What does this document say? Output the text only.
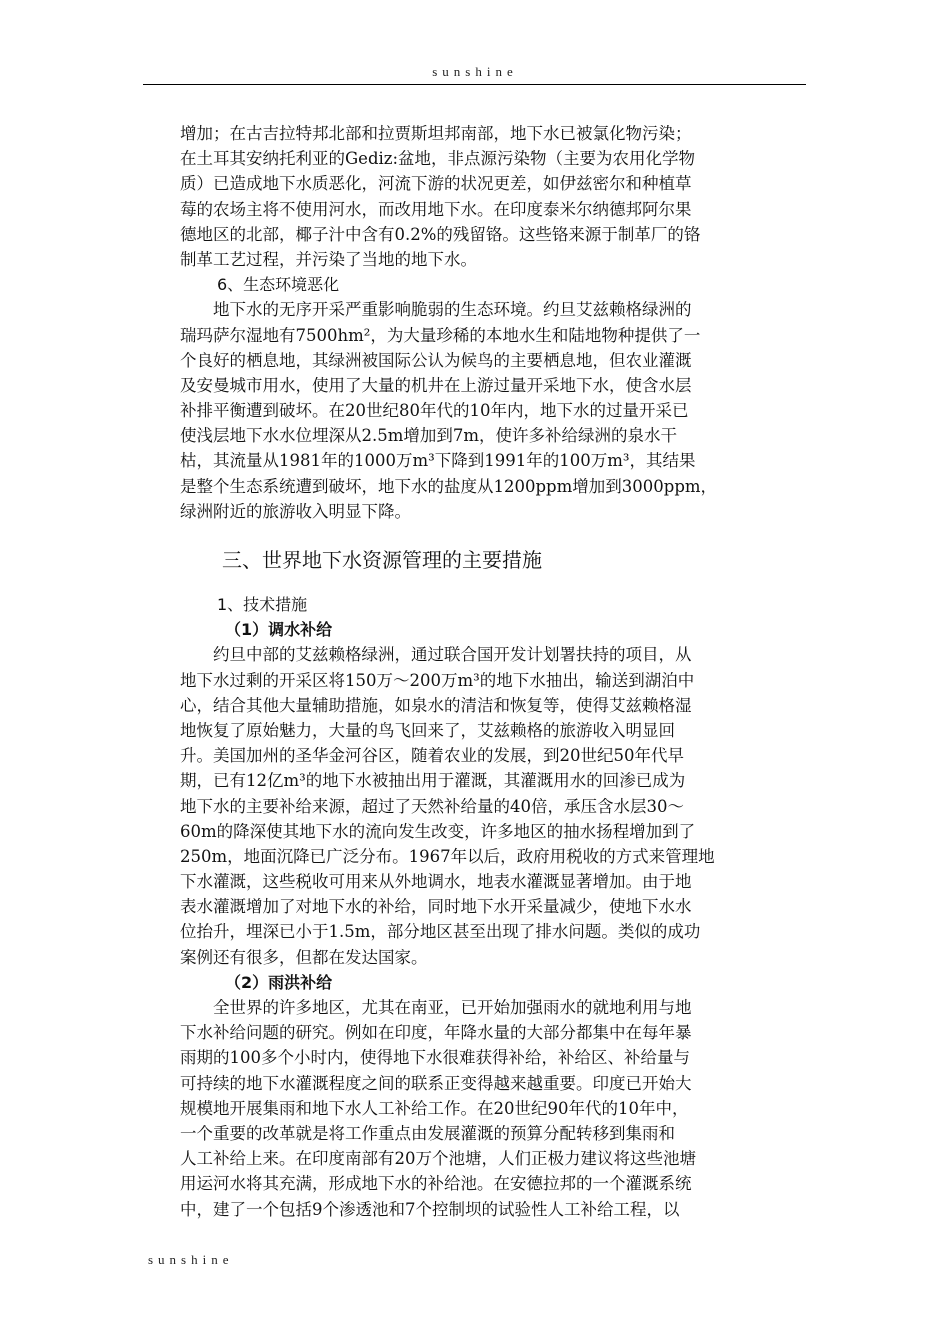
sunshine
增加；在古吉拉特邦北部和拉贾斯坦邦南部，地下水已被氯化物污染；
在土耳其安纳托利亚的Gediz:盆地，非点源污染物（主要为农用化学物
质）已造成地下水质恶化，河流下游的状况更差，如伊兹密尔和种植草
莓的农场主将不使用河水，而改用地下水。在印度泰米尔纳德邦阿尔果
德地区的北部，椰子汁中含有0.2%的残留铬。这些铬来源于制革厂的铬
制革工艺过程，并污染了当地的地下水。
6、生态环境恶化
地下水的无序开采严重影响脆弱的生态环境。约旦艾兹赖格绿洲的
瑞玛萨尔湿地有7500hm²，为大量珍稀的本地水生和陆地物种提供了一
个良好的栖息地，其绿洲被国际公认为候鸟的主要栖息地，但农业灌溉
及安曼城市用水，使用了大量的机井在上游过量开采地下水，使含水层
补排平衡遭到破坏。在20世纪80年代的10年内，地下水的过量开采已
使浅层地下水水位埋深从2.5m增加到7m，使许多补给绿洲的泉水干
枯，其流量从1981年的1000万m³下降到1991年的100万m³，其结果
是整个生态系统遭到破坏，地下水的盐度从1200ppm增加到3000ppm，
绿洲附近的旅游收入明显下降。
三、世界地下水资源管理的主要措施
1、技术措施
（1）调水补给
约旦中部的艾兹赖格绿洲，通过联合国开发计划署扶持的项目，从
地下水过剩的开采区将150万～200万m³的地下水抽出，输送到湖泊中
心，结合其他大量辅助措施，如泉水的清洁和恢复等，使得艾兹赖格湿
地恢复了原始魅力，大量的鸟飞回来了，艾兹赖格的旅游收入明显回
升。美国加州的圣华金河谷区，随着农业的发展，到20世纪50年代早
期，已有12亿m³的地下水被抽出用于灌溉，其灌溉用水的回渗已成为
地下水的主要补给来源，超过了天然补给量的40倍，承压含水层30～
60m的降深使其地下水的流向发生改变，许多地区的抽水扬程增加到了
250m，地面沉降已广泛分布。1967年以后，政府用税收的方式来管理地
下水灌溉，这些税收可用来从外地调水，地表水灌溉显著增加。由于地
表水灌溉增加了对地下水的补给，同时地下水开采量减少，使地下水水
位抬升，埋深已小于1.5m，部分地区甚至出现了排水问题。类似的成功
案例还有很多，但都在发达国家。
（2）雨洪补给
全世界的许多地区，尤其在南亚，已开始加强雨水的就地利用与地
下水补给问题的研究。例如在印度，年降水量的大部分都集中在每年暴
雨期的100多个小时内，使得地下水很难获得补给，补给区、补给量与
可持续的地下水灌溉程度之间的联系正变得越来越重要。印度已开始大
规模地开展集雨和地下水人工补给工作。在20世纪90年代的10年中，
一个重要的改革就是将工作重点由发展灌溉的预算分配转移到集雨和
人工补给上来。在印度南部有20万个池塘，人们正极力建议将这些池塘
用运河水将其充满，形成地下水的补给池。在安德拉邦的一个灌溉系统
中，建了一个包括9个渗透池和7个控制坝的试验性人工补给工程，以
sunshine
